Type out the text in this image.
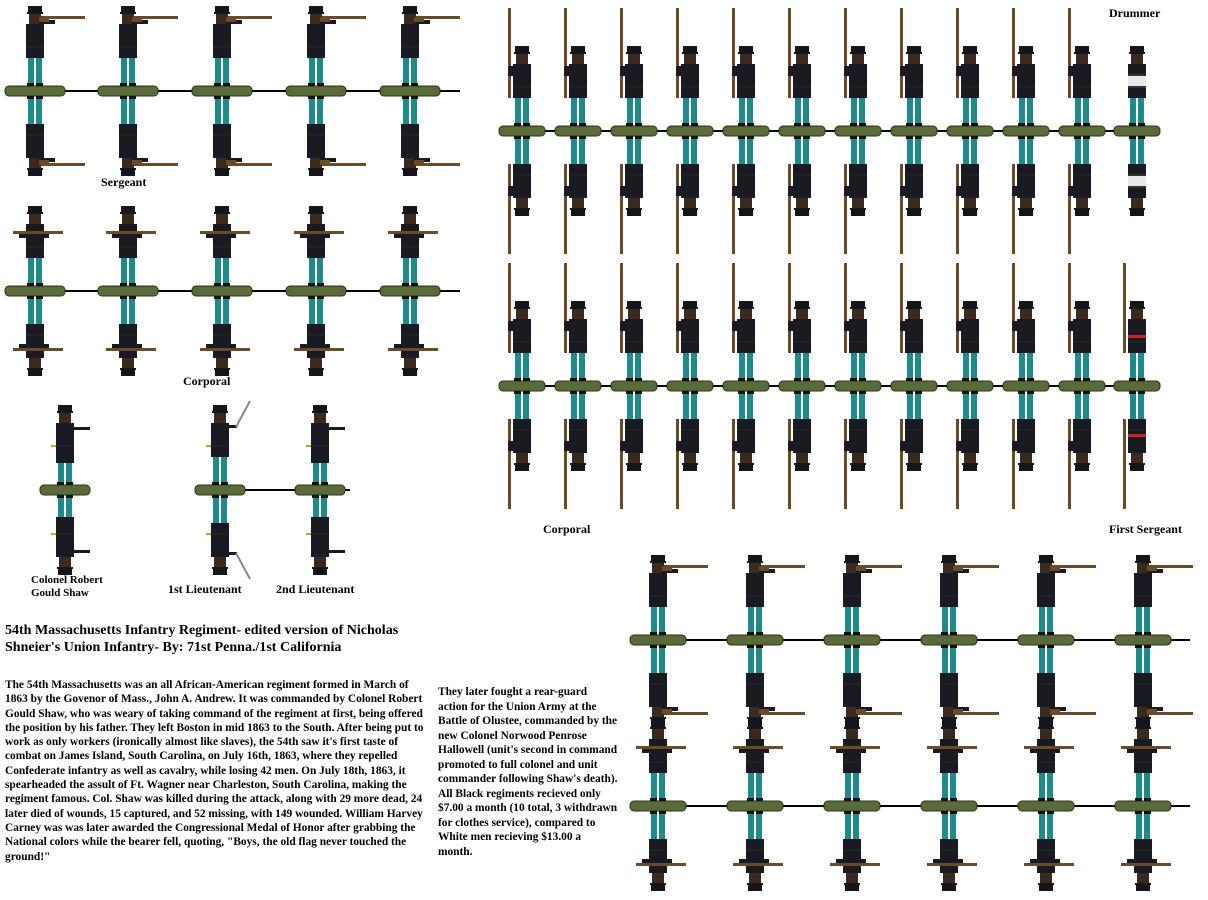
Sergeant
Corporal
Colonel Robert
Gould Shaw	1st Lieutenant	2nd Lieutenant
Drummer
Corporal	First Sergeant
54th Massachusetts Infantry Regiment- edited version of Nicholas Shneier's Union Infantry- By: 71st Penna./1st California
The 54th Massachusetts was an all African-American regiment formed in March of 1863 by the Govenor of Mass., John A. Andrew. It was commanded by Colonel Robert Gould Shaw, who was weary of taking command of the regiment at first, being offered the position by his father. They left Boston in mid 1863 to the South. After being put to work as only workers (ironically almost like slaves), the 54th saw it's first taste of combat on James Island, South Carolina, on July 16th, 1863, where they repelled Confederate infantry as well as cavalry, while losing 42 men. On July 18th, 1863, it spearheaded the assult of Ft. Wagner near Charleston, South Carolina, making the regiment famous. Col. Shaw was killed during the attack, along with 29 more dead, 24 later died of wounds, 15 captured, and 52 missing, with 149 wounded. William Harvey Carney was was later awarded the Congressional Medal of Honor after grabbing the National colors while the bearer fell, quoting, "Boys, the old flag never touched the ground!"
They later fought a rear-guard action for the Union Army at the Battle of Olustee, commanded by the new Colonel Norwood Penrose Hallowell (unit's second in command promoted to full colonel and unit commander following Shaw's death). All Black regiments recieved only $7.00 a month (10 total, 3 withdrawn for clothes service), compared to White men recieving $13.00 a month.
